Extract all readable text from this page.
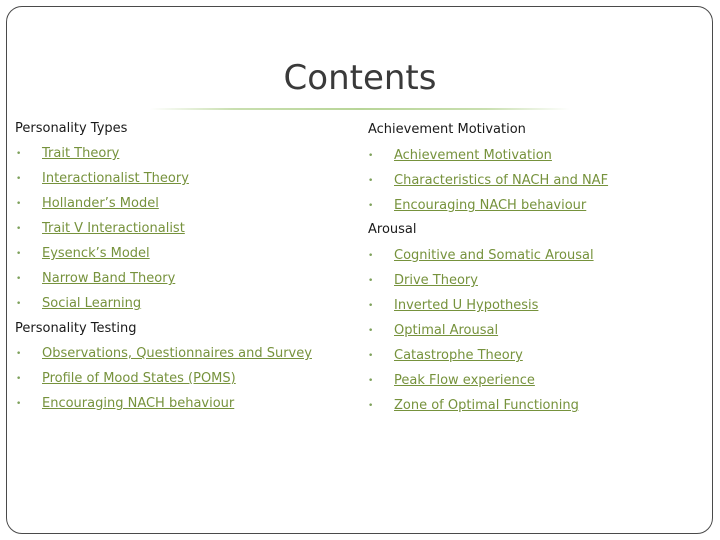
Contents
Personality Types
• Trait Theory
• Interactionalist Theory
• Hollander’s Model
• Trait V Interactionalist
• Eysenck’s Model
• Narrow Band Theory
• Social Learning
Personality Testing
• Observations, Questionnaires and Survey
• Profile of Mood States (POMS)
• Encouraging NACH behaviour
Achievement Motivation
• Achievement Motivation
• Characteristics of NACH and NAF
• Encouraging NACH behaviour
Arousal
• Cognitive and Somatic Arousal
• Drive Theory
• Inverted U Hypothesis
• Optimal Arousal
• Catastrophe Theory
• Peak Flow experience
• Zone of Optimal Functioning
